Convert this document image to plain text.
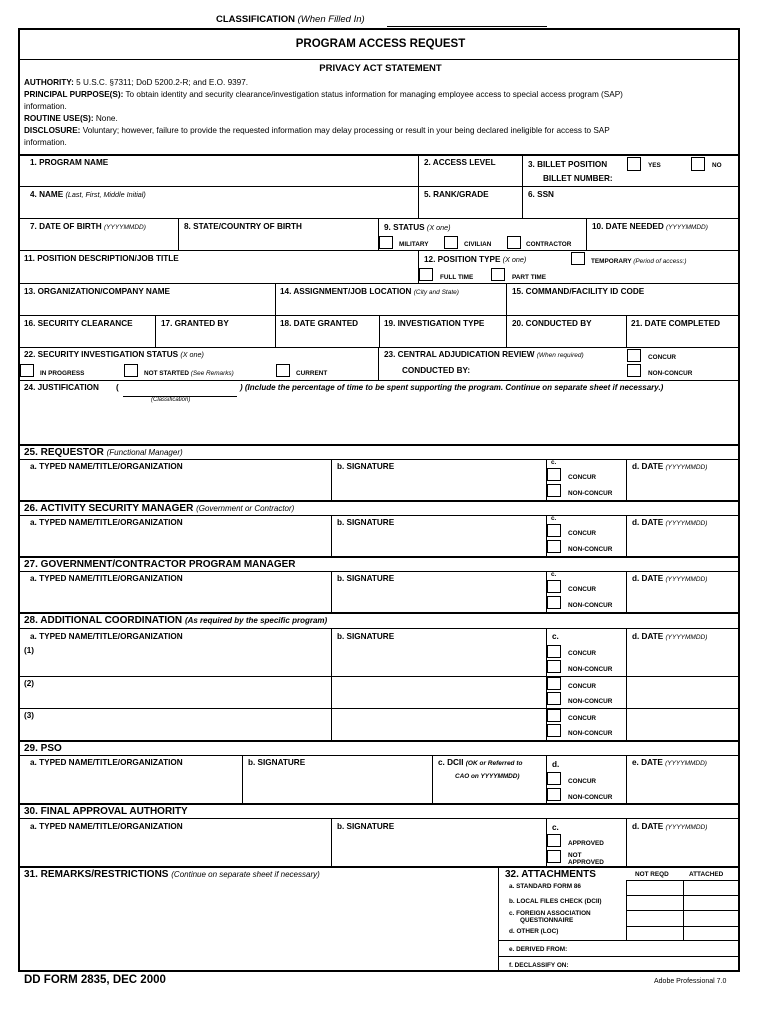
CLASSIFICATION (When Filled In)
PROGRAM ACCESS REQUEST
PRIVACY ACT STATEMENT
AUTHORITY: 5 U.S.C. §7311; DoD 5200.2-R; and E.O. 9397.
PRINCIPAL PURPOSE(S): To obtain identity and security clearance/investigation status information for managing employee access to special access program (SAP)
information.
ROUTINE USE(S): None.
DISCLOSURE: Voluntary; however, failure to provide the requested information may delay processing or result in your being declared ineligible for access to SAP
information.
1. PROGRAM NAME	2. ACCESS LEVEL	3. BILLET POSITION	YES	NO
BILLET NUMBER:
4. NAME (Last, First, Middle Initial)	5. RANK/GRADE	6. SSN
7. DATE OF BIRTH (YYYYMMDD)	8. STATE/COUNTRY OF BIRTH	9. STATUS (X one)
MILITARY	CIVILIAN	CONTRACTOR
10. DATE NEEDED (YYYYMMDD)
11. POSITION DESCRIPTION/JOB TITLE	12. POSITION TYPE (X one)
FULL TIME	PART TIME
TEMPORARY (Period of access:)
13. ORGANIZATION/COMPANY NAME	14. ASSIGNMENT/JOB LOCATION (City and State)	15. COMMAND/FACILITY ID CODE
16. SECURITY CLEARANCE	17. GRANTED BY	18. DATE GRANTED	19. INVESTIGATION TYPE	20. CONDUCTED BY	21. DATE COMPLETED
22. SECURITY INVESTIGATION STATUS (X one)
IN PROGRESS	NOT STARTED (See Remarks)	CURRENT
23. CENTRAL ADJUDICATION REVIEW (When required)
CONDUCTED BY:
CONCUR
NON-CONCUR
24. JUSTIFICATION (
(Classification)
) (Include the percentage of time to be spent supporting the program. Continue on separate sheet if necessary.)
25. REQUESTOR (Functional Manager)
a. TYPED NAME/TITLE/ORGANIZATION	b. SIGNATURE	c.
CONCUR
NON-CONCUR
d. DATE (YYYYMMDD)
26. ACTIVITY SECURITY MANAGER (Government or Contractor)
a. TYPED NAME/TITLE/ORGANIZATION	b. SIGNATURE	c.
CONCUR
NON-CONCUR
d. DATE (YYYYMMDD)
27. GOVERNMENT/CONTRACTOR PROGRAM MANAGER
a. TYPED NAME/TITLE/ORGANIZATION	b. SIGNATURE	c.
CONCUR
NON-CONCUR
d. DATE (YYYYMMDD)
28. ADDITIONAL COORDINATION (As required by the specific program)
a. TYPED NAME/TITLE/ORGANIZATION	b. SIGNATURE	c.	d. DATE (YYYYMMDD)
(1)
(2)
(3)
CONCUR
NON-CONCUR
CONCUR
NON-CONCUR
CONCUR
NON-CONCUR
29. PSO
a. TYPED NAME/TITLE/ORGANIZATION	b. SIGNATURE	c. DCII (OK or Referred to
CAO on YYYYMMDD)
d.
CONCUR
NON-CONCUR
e. DATE (YYYYMMDD)
30. FINAL APPROVAL AUTHORITY
a. TYPED NAME/TITLE/ORGANIZATION	b. SIGNATURE	c.
APPROVED
NOT
APPROVED
d. DATE (YYYYMMDD)
31. REMARKS/RESTRICTIONS (Continue on separate sheet if necessary)	32. ATTACHMENTS	NOT REQD	ATTACHED
a. STANDARD FORM 86
b. LOCAL FILES CHECK (DCII)
c. FOREIGN ASSOCIATION
QUESTIONNAIRE
d. OTHER (LOC)
e. DERIVED FROM:
f. DECLASSIFY ON:
DD FORM 2835, DEC 2000	Adobe Professional 7.0
